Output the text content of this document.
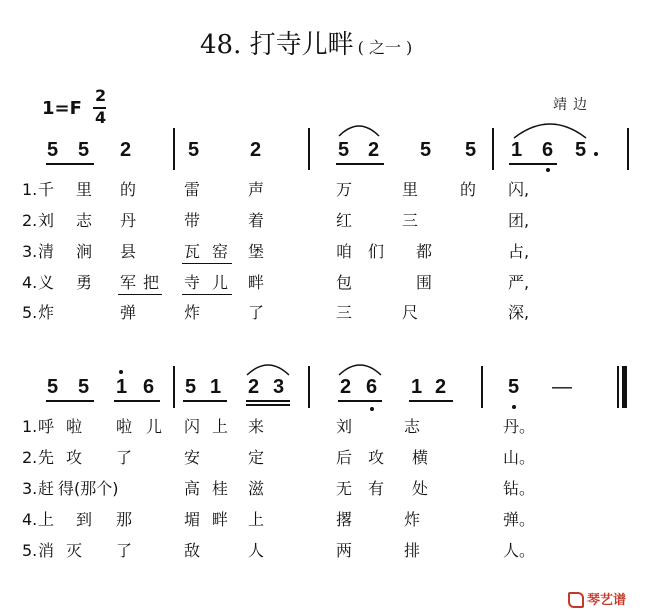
48. 打寺儿畔 ( 之一 )
1=F
2
4
靖边
5 5 2	5	2	5 2 5 5 1 6 5
1. 千 里 的	雷	声	万	里	的 闪,
2. 刘 志 丹	带	着	红	三	团,
3. 清 涧 县	瓦 窑 堡	咱 们 都	占,
4. 义 勇 军 把 寺 儿 畔	包	围	严,
5. 炸	弹	炸	了	三	尺	深,
5 5 1 6 5 1 2 3	2 6 1 2	5 —
1. 呼 啦 啦 儿 闪 上 来	刘	志	丹。
2. 先 攻 了	安	定	后 攻 横	山。
3. 赶 得(那个)	高 桂 滋	无 有 处	钻。
4. 上 到 那	堳 畔 上	撂	炸	弹。
5. 消 灭 了	敌	人	两	排	人。
琴艺谱
